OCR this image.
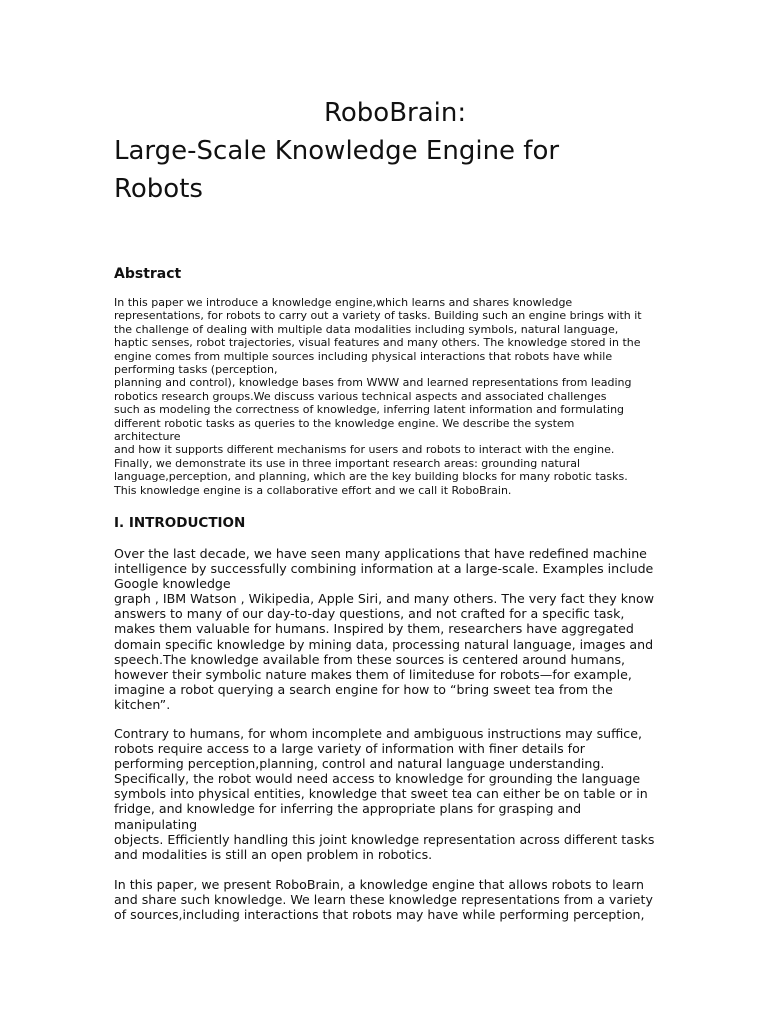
RoboBrain:
Large-Scale Knowledge Engine for
Robots
Abstract

In this paper we introduce a knowledge engine,which learns and shares knowledge
representations, for robots to carry out a variety of tasks. Building such an engine brings with it
the challenge of dealing with multiple data modalities including symbols, natural language,
haptic senses, robot trajectories, visual features and many others. The knowledge stored in the
engine comes from multiple sources including physical interactions that robots have while
performing tasks (perception,
planning and control), knowledge bases from WWW and learned representations from leading
robotics research groups.We discuss various technical aspects and associated challenges
such as modeling the correctness of knowledge, inferring latent information and formulating
different robotic tasks as queries to the knowledge engine. We describe the system
architecture
and how it supports different mechanisms for users and robots to interact with the engine.
Finally, we demonstrate its use in three important research areas: grounding natural
language,perception, and planning, which are the key building blocks for many robotic tasks.
This knowledge engine is a collaborative effort and we call it RoboBrain.

I. INTRODUCTION

Over the last decade, we have seen many applications that have redefined machine
intelligence by successfully combining information at a large-scale. Examples include
Google knowledge
graph , IBM Watson , Wikipedia, Apple Siri, and many others. The very fact they know
answers to many of our day-to-day questions, and not crafted for a specific task,
makes them valuable for humans. Inspired by them, researchers have aggregated
domain specific knowledge by mining data, processing natural language, images and
speech.The knowledge available from these sources is centered around humans,
however their symbolic nature makes them of limiteduse for robots—for example,
imagine a robot querying a search engine for how to “bring sweet tea from the
kitchen”.

Contrary to humans, for whom incomplete and ambiguous instructions may suffice,
robots require access to a large variety of information with finer details for
performing perception,planning, control and natural language understanding.
Specifically, the robot would need access to knowledge for grounding the language
symbols into physical entities, knowledge that sweet tea can either be on table or in
fridge, and knowledge for inferring the appropriate plans for grasping and
manipulating
objects. Efficiently handling this joint knowledge representation across different tasks
and modalities is still an open problem in robotics.

In this paper, we present RoboBrain, a knowledge engine that allows robots to learn
and share such knowledge. We learn these knowledge representations from a variety
of sources,including interactions that robots may have while performing perception,
